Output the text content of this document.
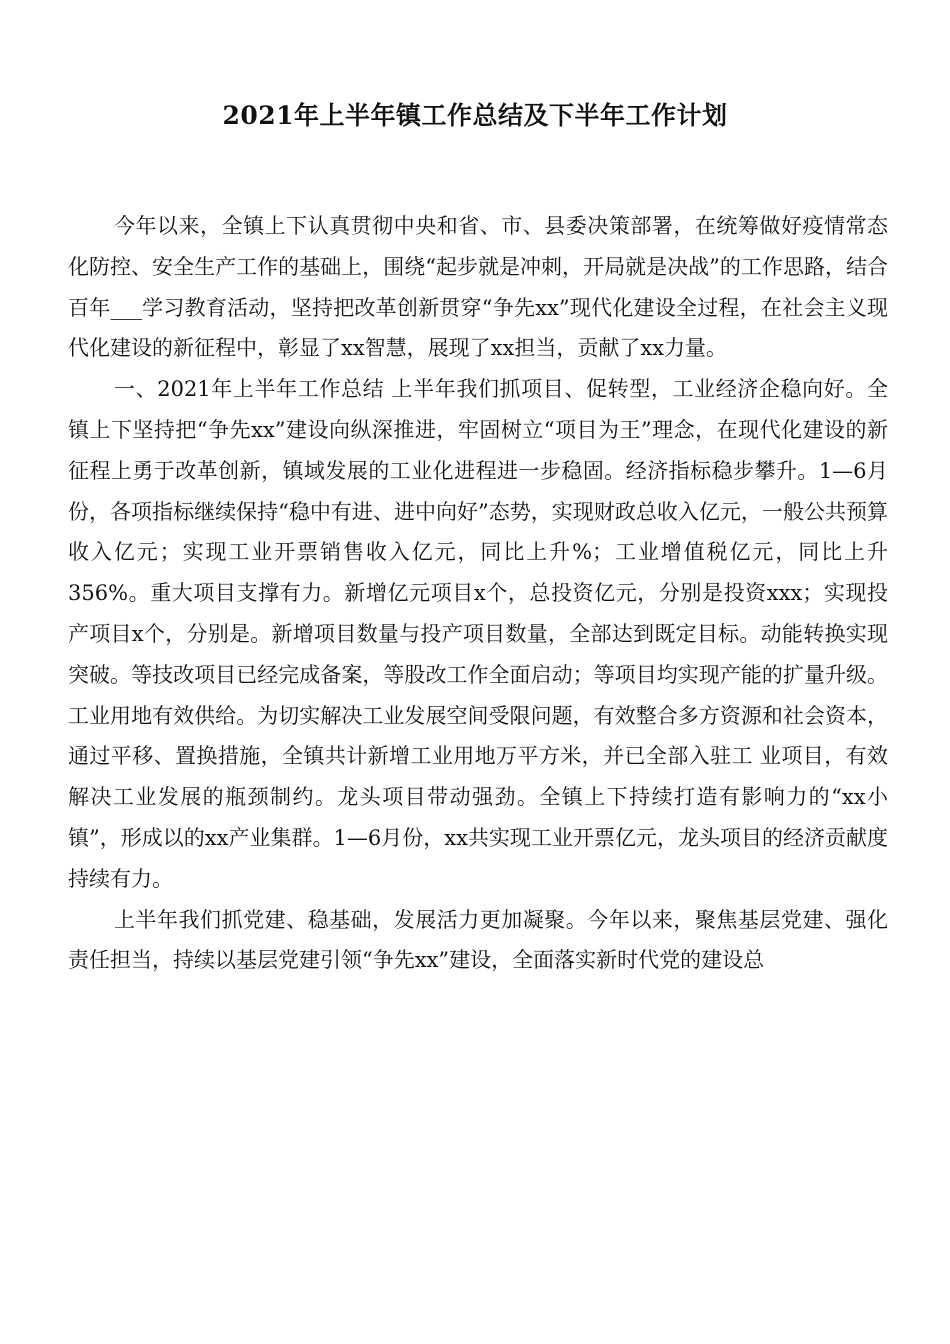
2021年上半年镇工作总结及下半年工作计划

今年以来，全镇上下认真贯彻中央和省、市、县委决策部署，在统筹做好疫情常态化防控、安全生产工作的基础上，围绕“起步就是冲刺，开局就是决战”的工作思路，结合百年___学习教育活动，坚持把改革创新贯穿“争先xx”现代化建设全过程，在社会主义现代化建设的新征程中，彰显了xx智慧，展现了xx担当，贡献了xx力量。

一、2021年上半年工作总结 上半年我们抓项目、促转型，工业经济企稳向好。全镇上下坚持把“争先xx”建设向纵深推进，牢固树立“项目为王”理念，在现代化建设的新征程上勇于改革创新，镇域发展的工业化进程进一步稳固。经济指标稳步攀升。1—6月份，各项指标继续保持“稳中有进、进中向好”态势，实现财政总收入亿元，一般公共预算收入亿元；实现工业开票销售收入亿元，同比上升%；工业增值税亿元，同比上升356%。重大项目支撑有力。新增亿元项目x个，总投资亿元，分别是投资xxx；实现投产项目x个，分别是。新增项目数量与投产项目数量，全部达到既定目标。动能转换实现突破。等技改项目已经完成备案，等股改工作全面启动；等项目均实现产能的扩量升级。工业用地有效供给。为切实解决工业发展空间受限问题，有效整合多方资源和社会资本，通过平移、置换措施，全镇共计新增工业用地万平方米，并已全部入驻工 业项目，有效解决工业发展的瓶颈制约。龙头项目带动强劲。全镇上下持续打造有影响力的“xx小镇”，形成以的xx产业集群。1—6月份，xx共实现工业开票亿元，龙头项目的经济贡献度持续有力。

上半年我们抓党建、稳基础，发展活力更加凝聚。今年以来，聚焦基层党建、强化责任担当，持续以基层党建引领“争先xx”建设，全面落实新时代党的建设总
